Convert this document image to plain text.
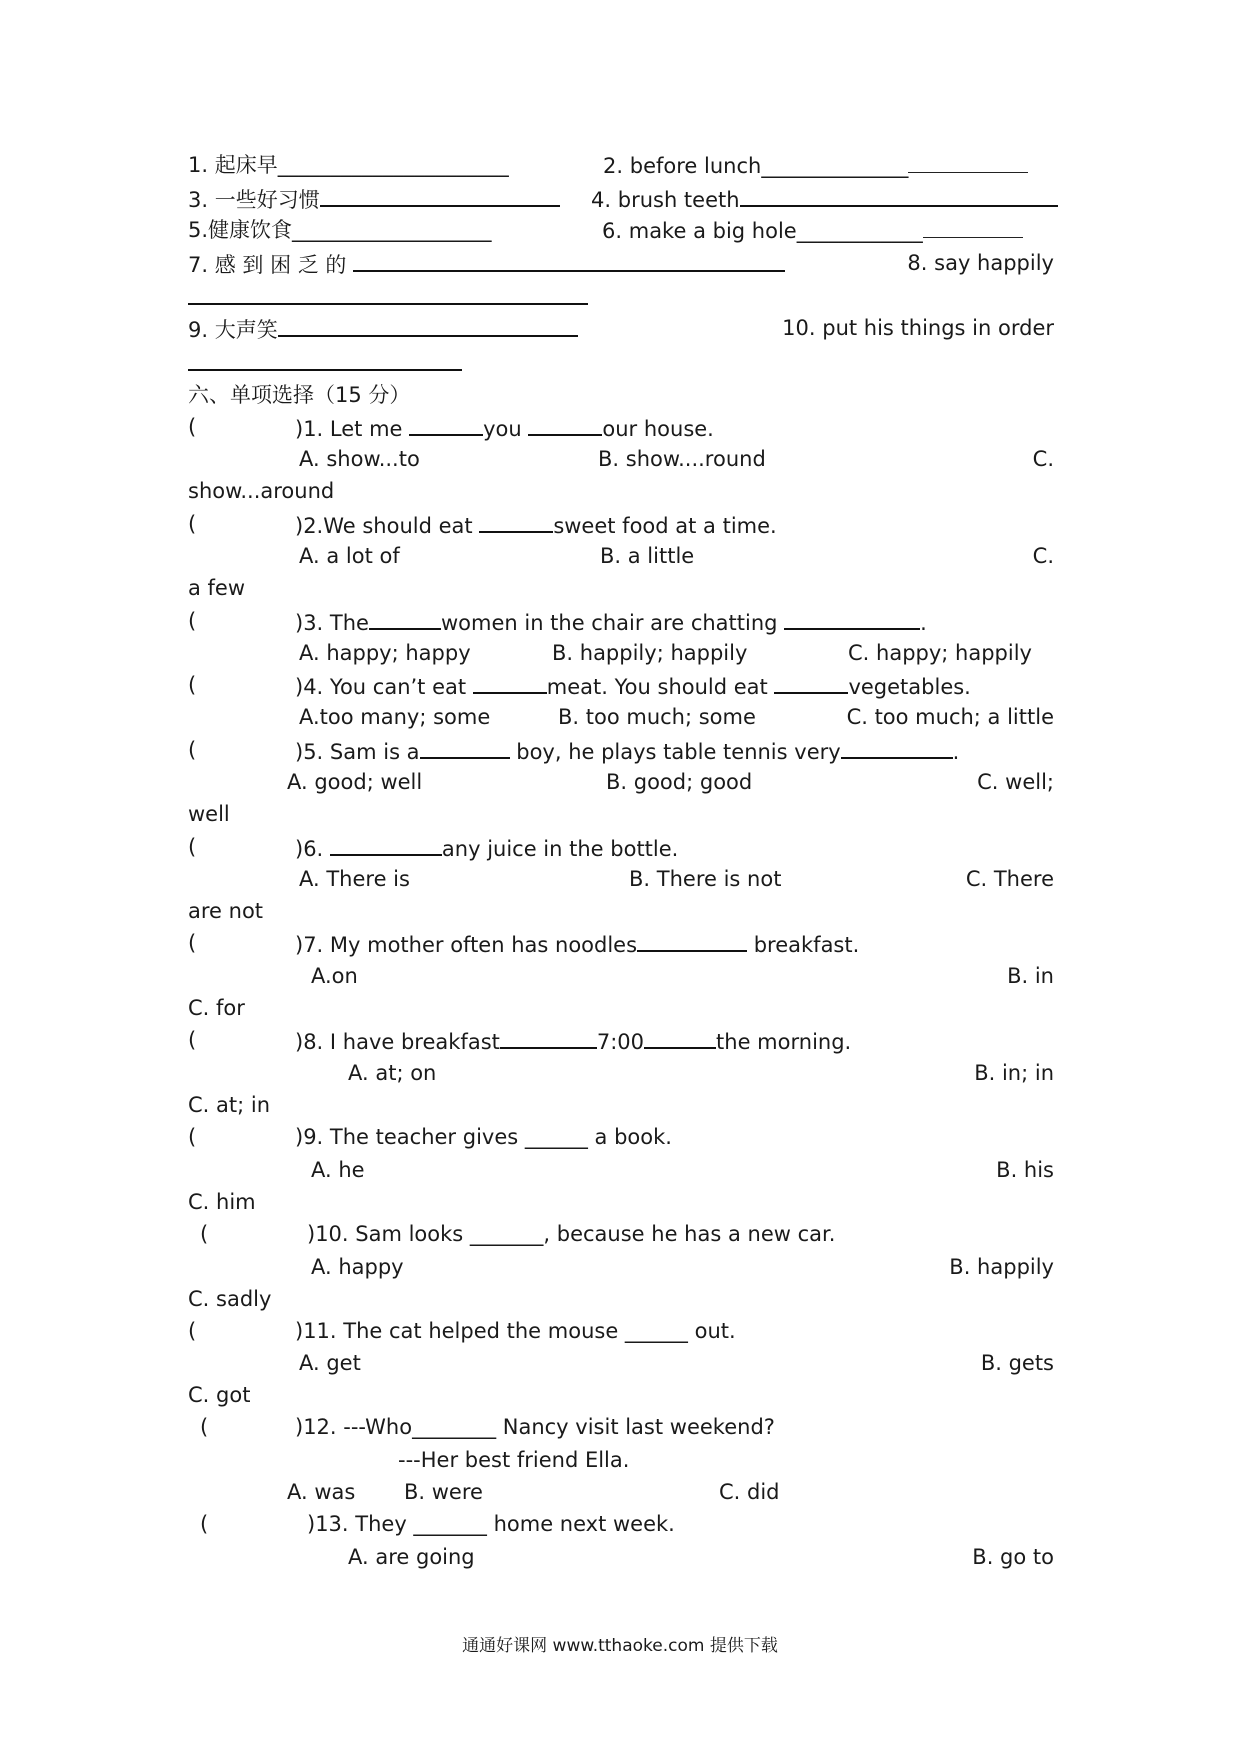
1. 起床早______________________	2. before lunch______________
3. 一些好习惯	4. brush teeth
5.健康饮食___________________	6. make a big hole____________
7. 感 到 困 乏 的	8. say happily
9. 大声笑	10. put his things in order
六、单项选择（15 分）
(	)1. Let me	you	our house.
A. show...to	B. show....round	C.
show...around
(	)2.We should eat	sweet food at a time.
A. a lot of	B. a little	C.
a few
(	)3. The	women in the chair are chatting	.
A. happy; happy	B. happily; happily	C. happy; happily
(	)4. You can’t eat	meat. You should eat	vegetables.
A.too many; some	B. too much; some	C. too much; a little
(	)5. Sam is a	boy, he plays table tennis very	.
A. good; well	B. good; good	C. well;
well
(	)6.	any juice in the bottle.
A. There is	B. There is not	C. There
are not
(	)7. My mother often has noodles	breakfast.
A.on	B. in
C. for
(	)8. I have breakfast	7:00	the morning.
A. at; on	B. in; in
C. at; in
(	)9. The teacher gives ______ a book.
A. he	B. his
C. him
(	)10. Sam looks _______, because he has a new car.
A. happy	B. happily
C. sadly
(	)11. The cat helped the mouse ______ out.
A. get	B. gets
C. got
(	)12. ---Who________ Nancy visit last weekend?
---Her best friend Ella.
A. was B. were	C. did
(	)13. They _______ home next week.
A. are going	B. go to
通通好课网 www.tthaoke.com 提供下载
